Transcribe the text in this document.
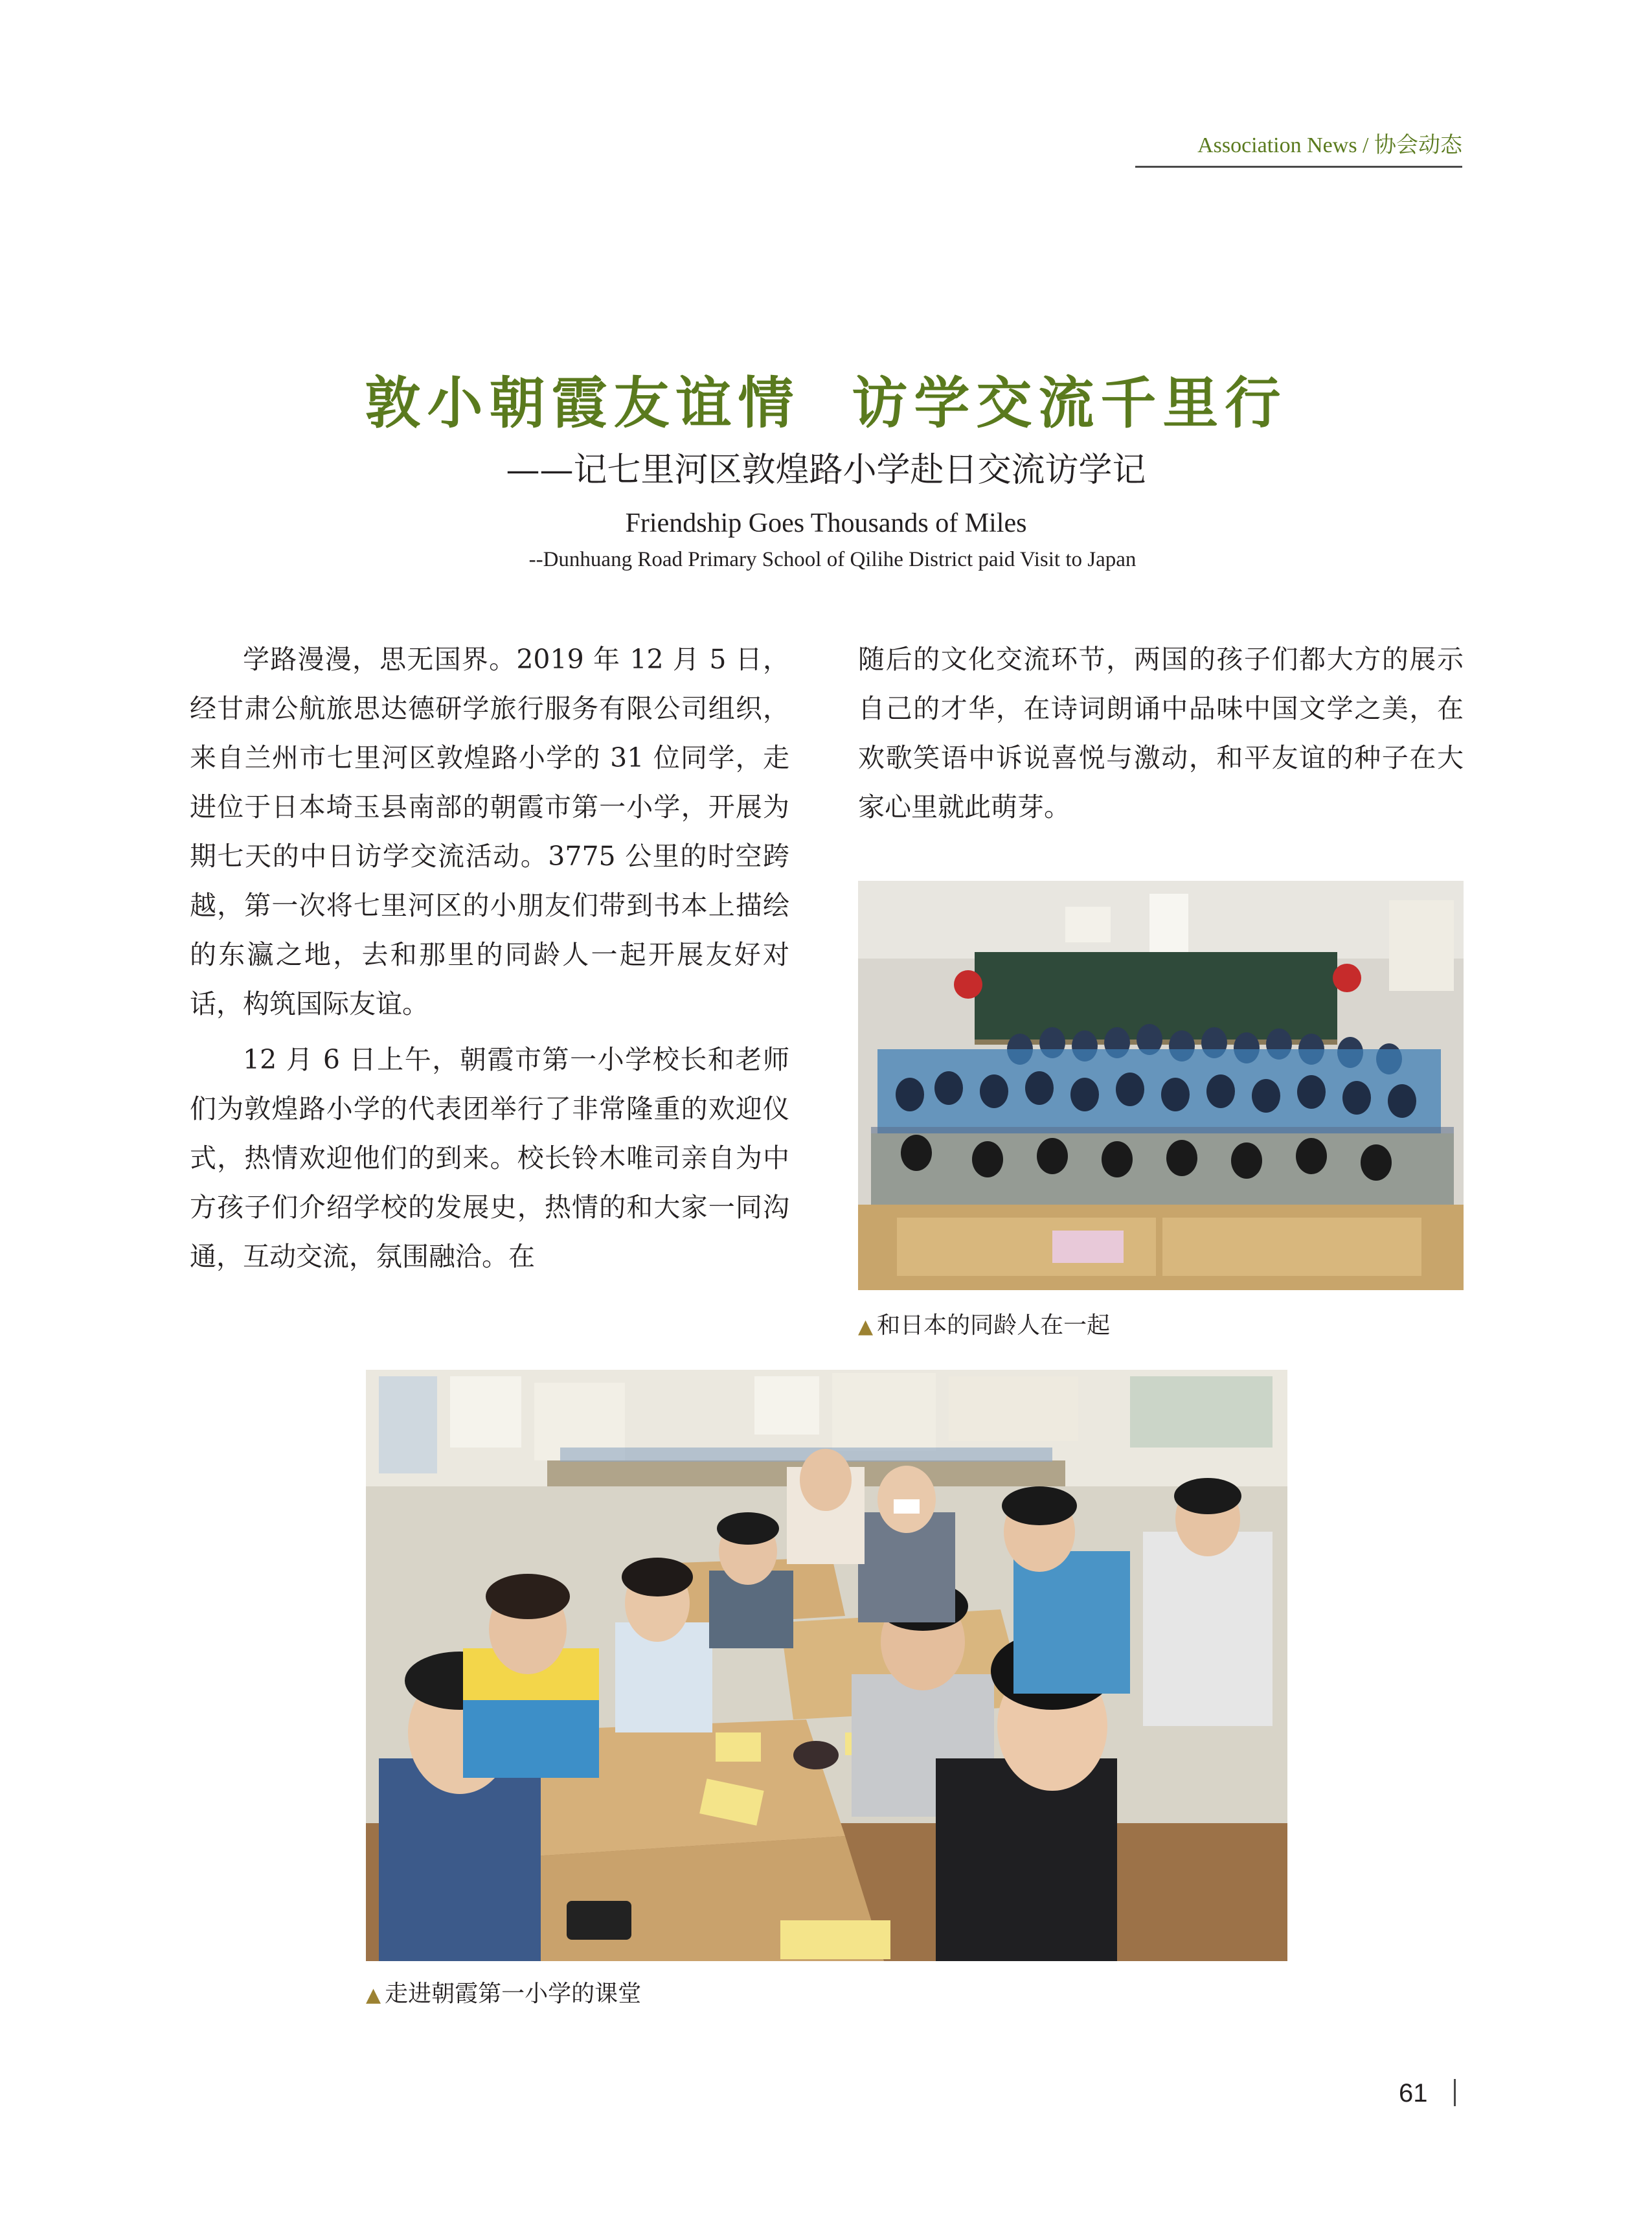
Association News / 协会动态
敦小朝霞友谊情  访学交流千里行
——记七里河区敦煌路小学赴日交流访学记
Friendship Goes Thousands of Miles
--Dunhuang Road Primary School of Qilihe District paid Visit to Japan

学路漫漫，思无国界。2019 年 12 月 5 日，经甘肃公航旅思达德研学旅行服务有限公司组织，来自兰州市七里河区敦煌路小学的 31 位同学，走进位于日本埼玉县南部的朝霞市第一小学，开展为期七天的中日访学交流活动。3775 公里的时空跨越，第一次将七里河区的小朋友们带到书本上描绘的东瀛之地，去和那里的同龄人一起开展友好对话，构筑国际友谊。

12 月 6 日上午，朝霞市第一小学校长和老师们为敦煌路小学的代表团举行了非常隆重的欢迎仪式，热情欢迎他们的到来。校长铃木唯司亲自为中方孩子们介绍学校的发展史，热情的和大家一同沟通，互动交流，氛围融洽。在

随后的文化交流环节，两国的孩子们都大方的展示自己的才华，在诗词朗诵中品味中国文学之美，在欢歌笑语中诉说喜悦与激动，和平友谊的种子在大家心里就此萌芽。

▲ 和日本的同龄人在一起
▲ 走进朝霞第一小学的课堂
61
